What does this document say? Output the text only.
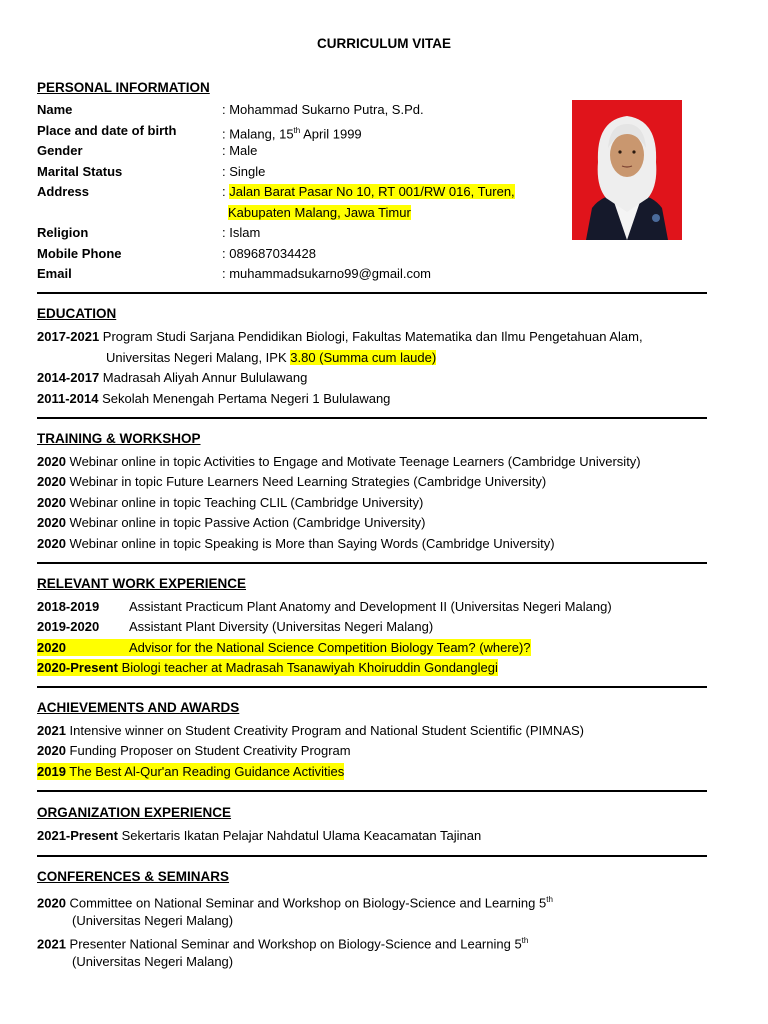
CURRICULUM VITAE
PERSONAL INFORMATION
Name	: Mohammad Sukarno Putra, S.Pd.
Place and date of birth	: Malang, 15th April 1999
Gender	: Male
Marital Status	: Single
Address	: Jalan Barat Pasar No 10, RT 001/RW 016, Turen,
Kabupaten Malang, Jawa Timur
Religion	: Islam
Mobile Phone	: 089687034428
Email	: muhammadsukarno99@gmail.com
EDUCATION
2017-2021 Program Studi Sarjana Pendidikan Biologi, Fakultas Matematika dan Ilmu Pengetahuan Alam,
Universitas Negeri Malang, IPK 3.80 (Summa cum laude)
2014-2017 Madrasah Aliyah Annur Bululawang
2011-2014 Sekolah Menengah Pertama Negeri 1 Bululawang
TRAINING & WORKSHOP
2020 Webinar online in topic Activities to Engage and Motivate Teenage Learners (Cambridge University)
2020 Webinar in topic Future Learners Need Learning Strategies (Cambridge University)
2020 Webinar online in topic Teaching CLIL (Cambridge University)
2020 Webinar online in topic Passive Action (Cambridge University)
2020 Webinar online in topic Speaking is More than Saying Words (Cambridge University)
RELEVANT WORK EXPERIENCE
2018-2019 Assistant Practicum Plant Anatomy and Development II (Universitas Negeri Malang)
2019-2020 Assistant Plant Diversity (Universitas Negeri Malang)
2020	Advisor for the National Science Competition Biology Team? (where)?
2020-Present Biologi teacher at Madrasah Tsanawiyah Khoiruddin Gondanglegi
ACHIEVEMENTS AND AWARDS
2021 Intensive winner on Student Creativity Program and National Student Scientific (PIMNAS)
2020 Funding Proposer on Student Creativity Program
2019 The Best Al-Qur'an Reading Guidance Activities
ORGANIZATION EXPERIENCE
2021-Present Sekertaris Ikatan Pelajar Nahdatul Ulama Keacamatan Tajinan
CONFERENCES & SEMINARS
2020 Committee on National Seminar and Workshop on Biology-Science and Learning 5th
(Universitas Negeri Malang)
2021 Presenter National Seminar and Workshop on Biology-Science and Learning 5th
(Universitas Negeri Malang)
